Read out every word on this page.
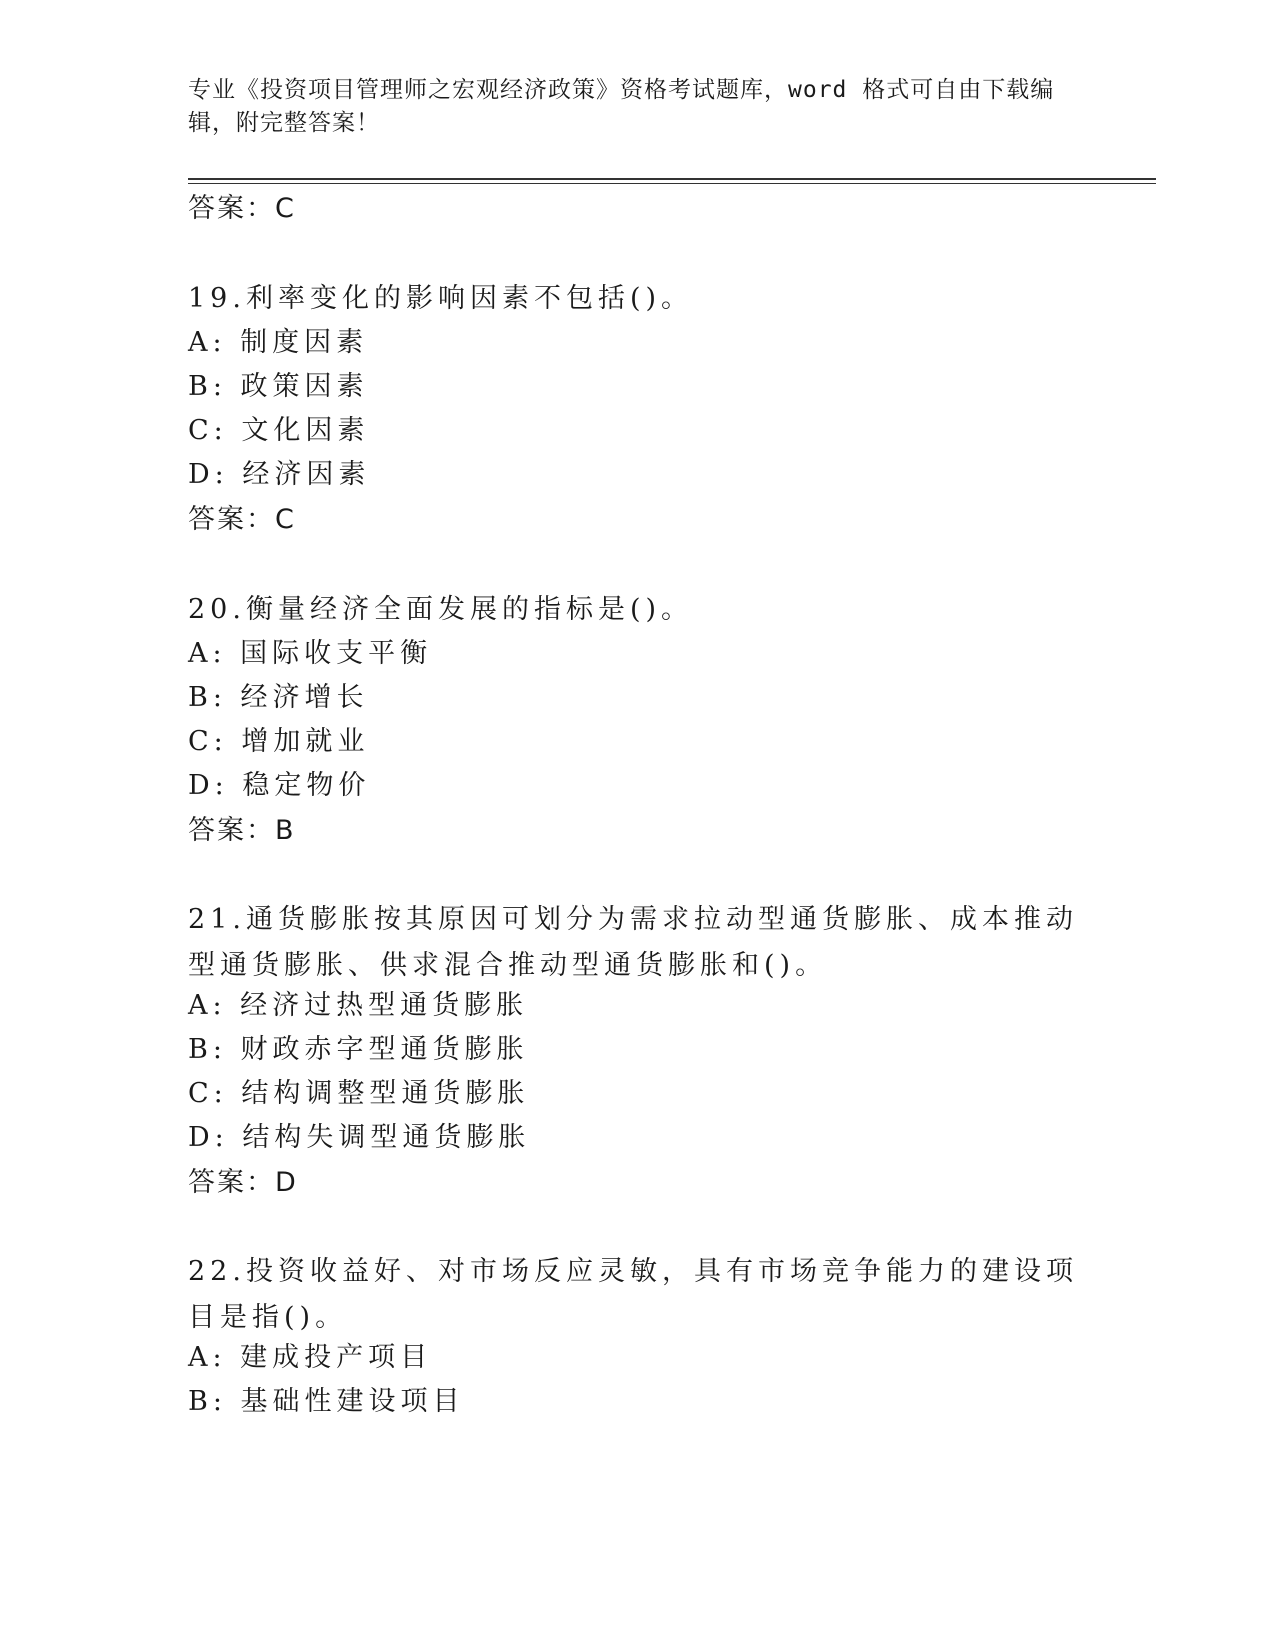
专业《投资项目管理师之宏观经济政策》资格考试题库，word 格式可自由下载编辑，附完整答案！
答案：C
19.利率变化的影响因素不包括()。
A: 制度因素
B: 政策因素
C: 文化因素
D: 经济因素
答案：C
20.衡量经济全面发展的指标是()。
A: 国际收支平衡
B: 经济增长
C: 增加就业
D: 稳定物价
答案：B
21.通货膨胀按其原因可划分为需求拉动型通货膨胀、成本推动型通货膨胀、供求混合推动型通货膨胀和()。
A: 经济过热型通货膨胀
B: 财政赤字型通货膨胀
C: 结构调整型通货膨胀
D: 结构失调型通货膨胀
答案：D
22.投资收益好、对市场反应灵敏，具有市场竞争能力的建设项目是指()。
A: 建成投产项目
B: 基础性建设项目
